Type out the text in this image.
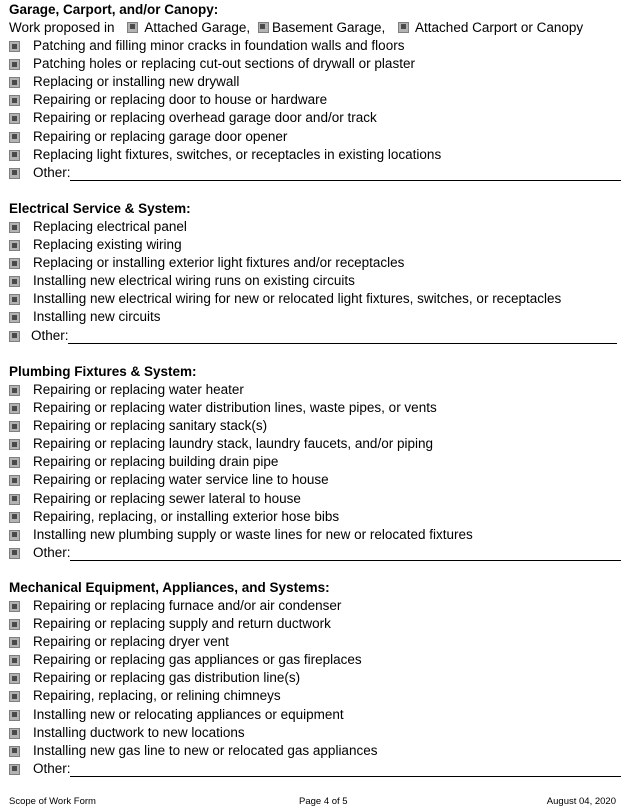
Garage, Carport, and/or Canopy:
Work proposed in Attached Garage, Basement Garage, Attached Carport or Canopy
Patching and filling minor cracks in foundation walls and floors
Patching holes or replacing cut-out sections of drywall or plaster
Replacing or installing new drywall
Repairing or replacing door to house or hardware
Repairing or replacing overhead garage door and/or track
Repairing or replacing garage door opener
Replacing light fixtures, switches, or receptacles in existing locations
Other:
Electrical Service & System:
Replacing electrical panel
Replacing existing wiring
Replacing or installing exterior light fixtures and/or receptacles
Installing new electrical wiring runs on existing circuits
Installing new electrical wiring for new or relocated light fixtures, switches, or receptacles
Installing new circuits
Other:
Plumbing Fixtures & System:
Repairing or replacing water heater
Repairing or replacing water distribution lines, waste pipes, or vents
Repairing or replacing sanitary stack(s)
Repairing or replacing laundry stack, laundry faucets, and/or piping
Repairing or replacing building drain pipe
Repairing or replacing water service line to house
Repairing or replacing sewer lateral to house
Repairing, replacing, or installing exterior hose bibs
Installing new plumbing supply or waste lines for new or relocated fixtures
Other:
Mechanical Equipment, Appliances, and Systems:
Repairing or replacing furnace and/or air condenser
Repairing or replacing supply and return ductwork
Repairing or replacing dryer vent
Repairing or replacing gas appliances or gas fireplaces
Repairing or replacing gas distribution line(s)
Repairing, replacing, or relining chimneys
Installing new or relocating appliances or equipment
Installing ductwork to new locations
Installing new gas line to new or relocated gas appliances
Other:
Scope of Work Form	Page 4 of 5	August 04, 2020
